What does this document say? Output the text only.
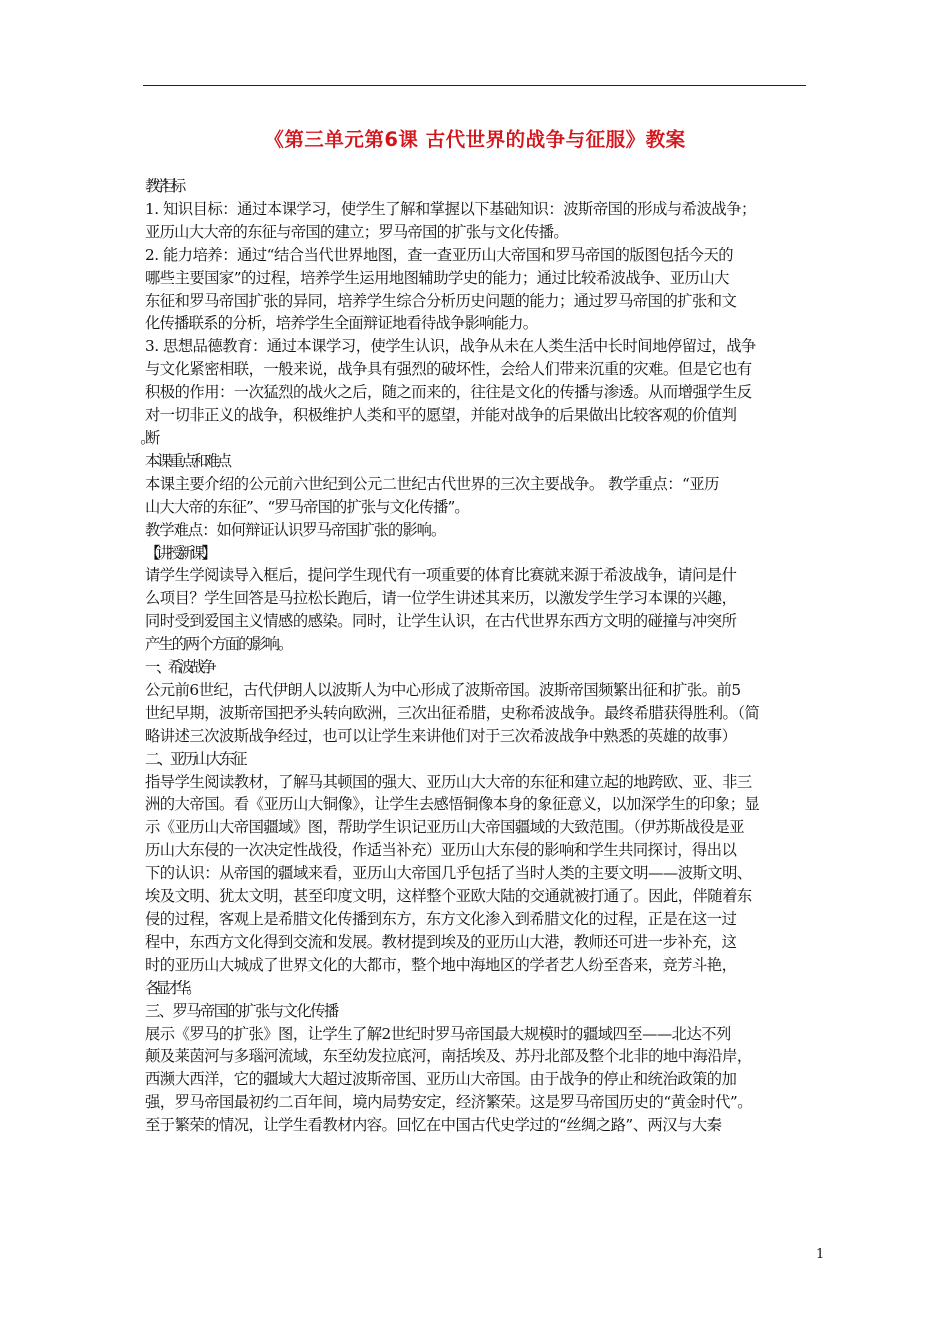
《第三单元第6课 古代世界的战争与征服》教案

教学目标

1. 知识目标：通过本课学习，使学生了解和掌握以下基础知识：波斯帝国的形成与希波战争；

亚历山大大帝的东征与帝国的建立；罗马帝国的扩张与文化传播。

2. 能力培养：通过“结合当代世界地图，查一查亚历山大帝国和罗马帝国的版图包括今天的

哪些主要国家”的过程，培养学生运用地图辅助学史的能力；通过比较希波战争、亚历山大

东征和罗马帝国扩张的异同，培养学生综合分析历史问题的能力；通过罗马帝国的扩张和文

化传播联系的分析，培养学生全面辩证地看待战争影响能力。

3. 思想品德教育：通过本课学习，使学生认识，战争从未在人类生活中长时间地停留过，战争

与文化紧密相联，一般来说，战争具有强烈的破坏性，会给人们带来沉重的灾难。但是它也有

积极的作用：一次猛烈的战火之后，随之而来的，往往是文化的传播与渗透。从而增强学生反

对一切非正义的战争，积极维护人类和平的愿望，并能对战争的后果做出比较客观的价值判

本课重点和难点

本课主要介绍的公元前六世纪到公元二世纪古代世界的三次主要战争。 教学重点：“亚历

山大大帝的东征”、“罗马帝国的扩张与文化传播”。

教学难点：如何辩证认识罗马帝国扩张的影响。

【讲授新课】

请学生学阅读导入框后，提问学生现代有一项重要的体育比赛就来源于希波战争，请问是什

么项目？学生回答是马拉松长跑后，请一位学生讲述其来历，以激发学生学习本课的兴趣，

同时受到爱国主义情感的感染。同时，让学生认识，在古代世界东西方文明的碰撞与冲突所

产生的两个方面的影响。

一、希波战争

公元前6世纪，古代伊朗人以波斯人为中心形成了波斯帝国。波斯帝国频繁出征和扩张。前5

世纪早期，波斯帝国把矛头转向欧洲，三次出征希腊，史称希波战争。最终希腊获得胜利。（简

略讲述三次波斯战争经过，也可以让学生来讲他们对于三次希波战争中熟悉的英雄的故事）

二、亚历山大东征

指导学生阅读教材，了解马其顿国的强大、亚历山大大帝的东征和建立起的地跨欧、亚、非三

洲的大帝国。看《亚历山大铜像》，让学生去感悟铜像本身的象征意义，以加深学生的印象；显

示《亚历山大帝国疆域》图，帮助学生识记亚历山大帝国疆域的大致范围。（伊苏斯战役是亚

历山大东侵的一次决定性战役，作适当补充）亚历山大东侵的影响和学生共同探讨，得出以

下的认识：从帝国的疆域来看，亚历山大帝国几乎包括了当时人类的主要文明——波斯文明、

埃及文明、犹太文明，甚至印度文明，这样整个亚欧大陆的交通就被打通了。因此，伴随着东

侵的过程，客观上是希腊文化传播到东方，东方文化渗入到希腊文化的过程，正是在这一过

程中，东西方文化得到交流和发展。教材提到埃及的亚历山大港，教师还可进一步补充，这

时的亚历山大城成了世界文化的大都市，整个地中海地区的学者艺人纷至沓来，竞芳斗艳，

各显才华。

三、罗马帝国的扩张与文化传播

展示《罗马的扩张》图，让学生了解2世纪时罗马帝国最大规模时的疆域四至——北达不列

颠及莱茵河与多瑙河流域，东至幼发拉底河，南括埃及、苏丹北部及整个北非的地中海沿岸，

西濒大西洋，它的疆域大大超过波斯帝国、亚历山大帝国。由于战争的停止和统治政策的加

强，罗马帝国最初约二百年间，境内局势安定，经济繁荣。这是罗马帝国历史的“黄金时代”。

至于繁荣的情况，让学生看教材内容。回忆在中国古代史学过的“丝绸之路”、两汉与大秦

1
